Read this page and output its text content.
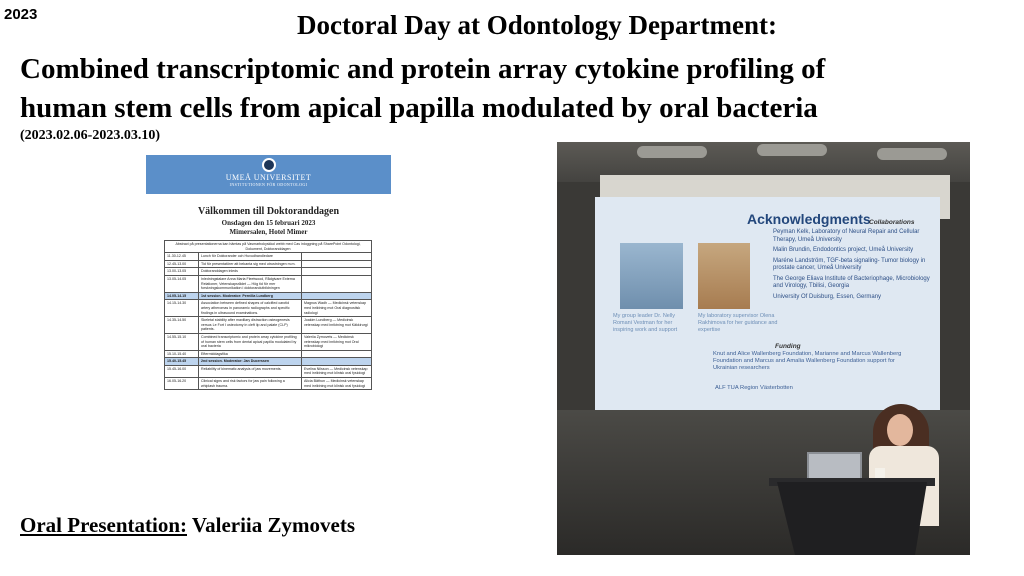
2023	Doctoral Day at Odontology Department:
Combined transcriptomic and protein array cytokine profiling of
human stem cells from apical papilla modulated by oral bacteria
(2023.02.06-2023.03.10)
UMEÅ UNIVERSITET
INSTITUTIONEN FÖR ODONTOLOGI
Välkommen till Doktoranddagen
Onsdagen den 15 februari 2023
Mimersalen, Hotel Mimer
Abstract på presentationerna kan hämtas på Vasmarbokyskkol webb med Cas inloggning på SharePoint Odontologi, Dokument, Doktoranddagen		
11.30-12.45	Lunch för Doktorander och Huvudhandledare	
12.45-13.00	Tid för presentatörer att bekanta sig med utrustningen m.m.	
13.00-13.05	Doktoranddagen inleds	
13.05-14.05	Inledningstalare Anna Maria Fleetwood, Rådgivare Externa Relationer, Vetenskapsrådet — Hög tid för mer forskningskommunikation i doktorandutbildningen	
14.05-14.15	1st session. Moderator: Pernilla Lundberg	
14.15-14.30	Association between defined shapes of calcified carotid artery atheromas in panoramic radiographs and specific findings in ultrasound examinations.	Magnus Wadh — Medicinsk vetenskap med inriktning mot Oral diagnostisk radiologi
14.35-14.50	Skeletal stability after maxillary distraction osteogenesis versus Le Fort I osteotomy in cleft lip and palate (CLP) patients.	Joakim Lundberg — Medicinsk vetenskap med inriktning mot Käkkirurgi
14.55-15.10	Combined transcriptomic and protein array cytokine profiling of human stem cells from dental apical papilla modulated by oral bacteria	Valeriia Zymovets — Medicinsk vetenskap med inriktning mot Oral mikrobiologi
15.10-15.40	Eftermiddagsfika	
15.40-15.45	2nd session. Moderator: Jan Ducerssen	
15.45-16.00	Reliability of kinematic analysis of jaw movements.	Evelina Nilsson — Medicinsk vetenskap med inriktning mot klinisk oral fysiologi
16.05-16.20	Clinical signs and risk factors for jaw pain following a whiplash trauma.	Alicia Bäthun — Medicinsk vetenskap med inriktning mot klinisk oral fysiologi
Acknowledgments
Collaborations

Peyman Kelk, Laboratory of Neural Repair and Cellular Therapy, Umeå University

Malin Brundin, Endodontics project, Umeå University

Maréne Landström, TGF-beta signaling- Tumor biology in prostate cancer, Umeå University

The George Eliava Institute of Bacteriophage, Microbiology and Virology, Tbilisi, Georgia

University Of Duisburg, Essen, Germany

My group leader Dr. Nelly Romani Vestman for her inspiring work and support
My laboratory supervisor Olena Rakhimova for her guidance and expertise
Funding

Knut and Alice Wallenberg Foundation, Marianne and Marcus Wallenberg Foundation and Marcus and Amalia Wallenberg Foundation support for Ukrainian researchers

ALF TUA Region Västerbotten
Oral Presentation: Valeriia Zymovets
